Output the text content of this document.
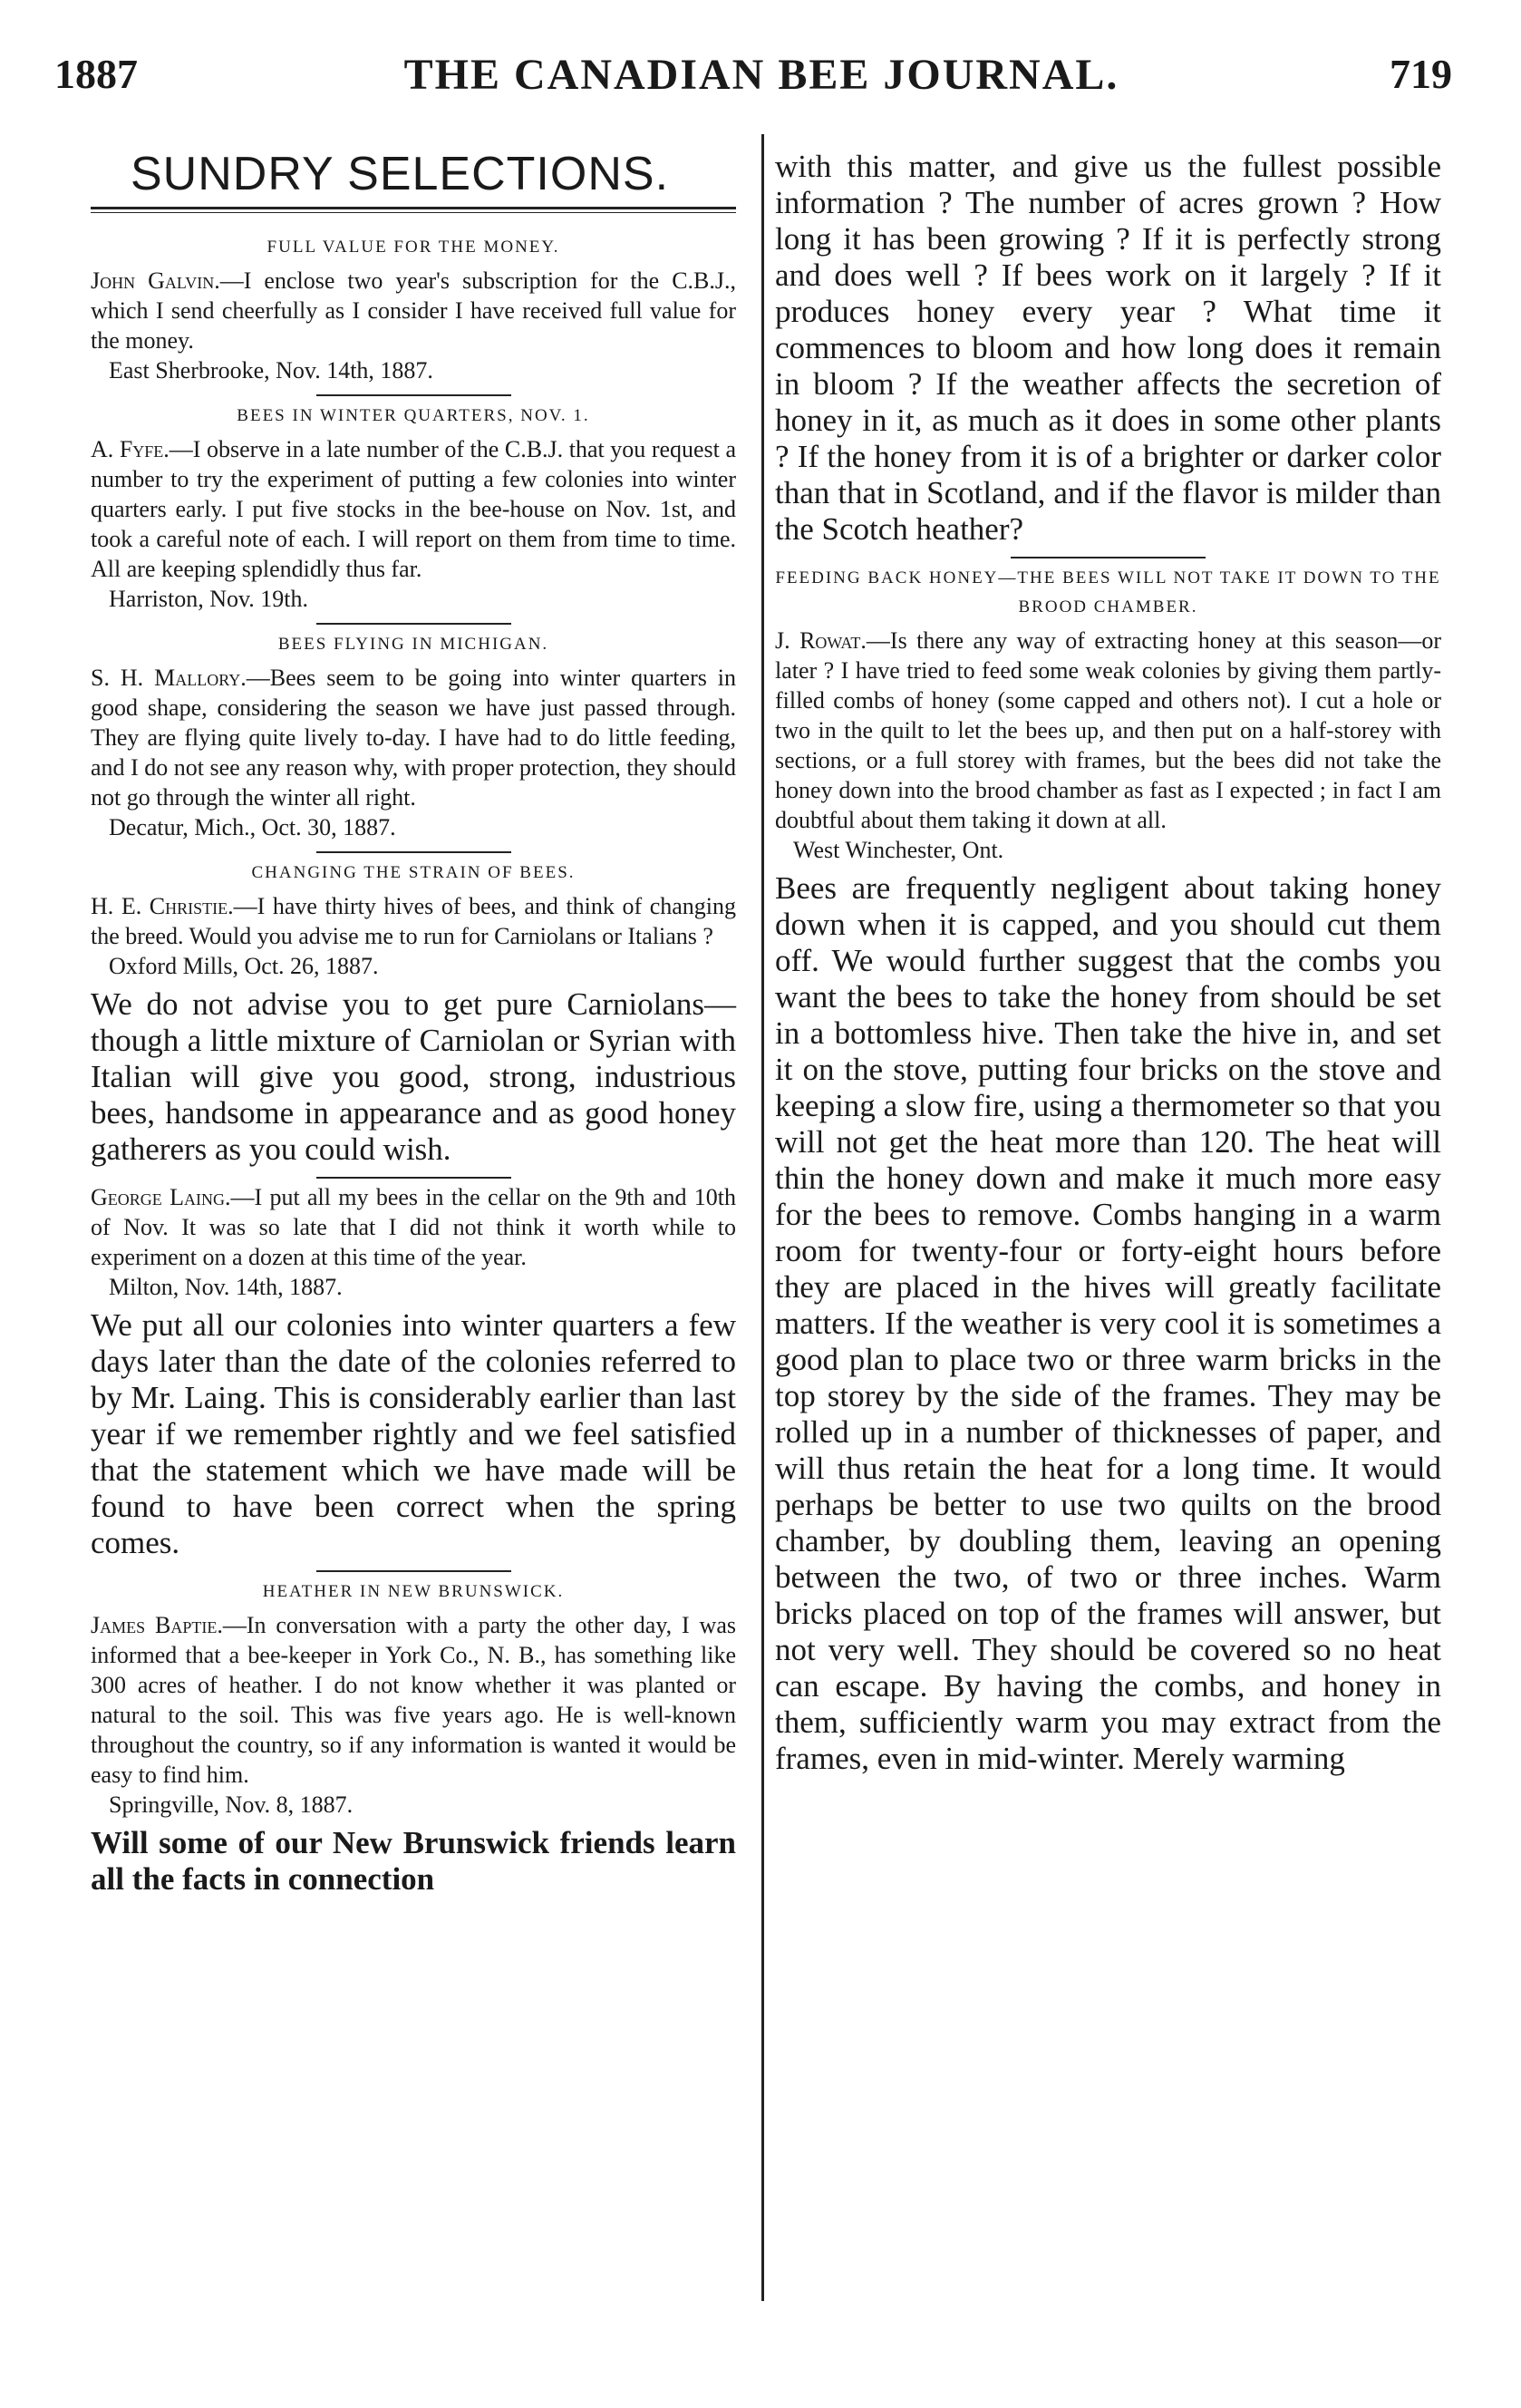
1887	THE CANADIAN BEE JOURNAL.	719
SUNDRY SELECTIONS.
FULL VALUE FOR THE MONEY.

John Galvin.—I enclose two year's subscription for the C.B.J., which I send cheerfully as I consider I have received full value for the money.

East Sherbrooke, Nov. 14th, 1887.
BEES IN WINTER QUARTERS, NOV. 1.

A. Fyfe.—I observe in a late number of the C.B.J. that you request a number to try the experiment of putting a few colonies into winter quarters early. I put five stocks in the bee-house on Nov. 1st, and took a careful note of each. I will report on them from time to time. All are keeping splendidly thus far.

Harriston, Nov. 19th.
BEES FLYING IN MICHIGAN.

S. H. Mallory.—Bees seem to be going into winter quarters in good shape, considering the season we have just passed through. They are flying quite lively to-day. I have had to do little feeding, and I do not see any reason why, with proper protection, they should not go through the winter all right.

Decatur, Mich., Oct. 30, 1887.
CHANGING THE STRAIN OF BEES.

H. E. Christie.—I have thirty hives of bees, and think of changing the breed. Would you advise me to run for Carniolans or Italians ?

Oxford Mills, Oct. 26, 1887.

We do not advise you to get pure Carniolans—though a little mixture of Carniolan or Syrian with Italian will give you good, strong, industrious bees, handsome in appearance and as good honey gatherers as you could wish.

George Laing.—I put all my bees in the cellar on the 9th and 10th of Nov. It was so late that I did not think it worth while to experiment on a dozen at this time of the year.

Milton, Nov. 14th, 1887.

We put all our colonies into winter quarters a few days later than the date of the colonies referred to by Mr. Laing. This is considerably earlier than last year if we remember rightly and we feel satisfied that the statement which we have made will be found to have been correct when the spring comes.

HEATHER IN NEW BRUNSWICK.

James Baptie.—In conversation with a party the other day, I was informed that a bee-keeper in York Co., N. B., has something like 300 acres of heather. I do not know whether it was planted or natural to the soil. This was five years ago. He is well-known throughout the country, so if any information is wanted it would be easy to find him.

Springville, Nov. 8, 1887.

Will some of our New Brunswick friends learn all the facts in connection

with this matter, and give us the fullest possible information ? The number of acres grown ? How long it has been growing ? If it is perfectly strong and does well ? If bees work on it largely ? If it produces honey every year ? What time it commences to bloom and how long does it remain in bloom ? If the weather affects the secretion of honey in it, as much as it does in some other plants ? If the honey from it is of a brighter or darker color than that in Scotland, and if the flavor is milder than the Scotch heather?

FEEDING BACK HONEY—THE BEES WILL NOT TAKE IT DOWN TO THE BROOD CHAMBER.

J. Rowat.—Is there any way of extracting honey at this season—or later ? I have tried to feed some weak colonies by giving them partly-filled combs of honey (some capped and others not). I cut a hole or two in the quilt to let the bees up, and then put on a half-storey with sections, or a full storey with frames, but the bees did not take the honey down into the brood chamber as fast as I expected ; in fact I am doubtful about them taking it down at all.

West Winchester, Ont.

Bees are frequently negligent about taking honey down when it is capped, and you should cut them off. We would further suggest that the combs you want the bees to take the honey from should be set in a bottomless hive. Then take the hive in, and set it on the stove, putting four bricks on the stove and keeping a slow fire, using a thermometer so that you will not get the heat more than 120. The heat will thin the honey down and make it much more easy for the bees to remove. Combs hanging in a warm room for twenty-four or forty-eight hours before they are placed in the hives will greatly facilitate matters. If the weather is very cool it is sometimes a good plan to place two or three warm bricks in the top storey by the side of the frames. They may be rolled up in a number of thicknesses of paper, and will thus retain the heat for a long time. It would perhaps be better to use two quilts on the brood chamber, by doubling them, leaving an opening between the two, of two or three inches. Warm bricks placed on top of the frames will answer, but not very well. They should be covered so no heat can escape. By having the combs, and honey in them, sufficiently warm you may extract from the frames, even in mid-winter. Merely warming
